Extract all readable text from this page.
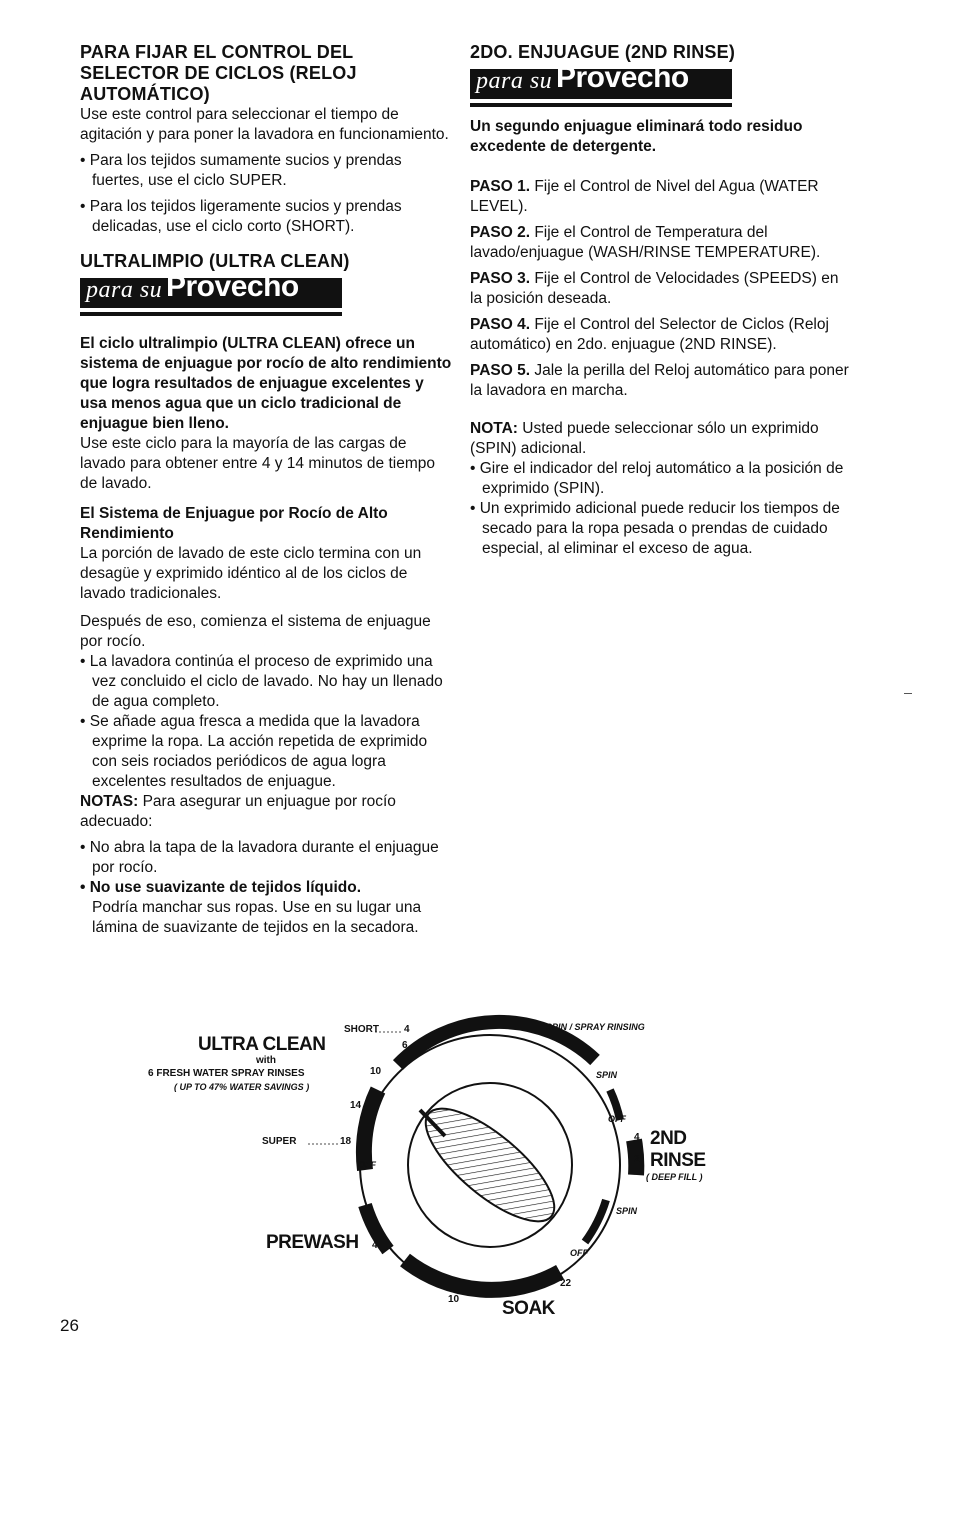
PARA FIJAR EL CONTROL DEL SELECTOR DE CICLOS (RELOJ AUTOMÁTICO)

Use este control para seleccionar el tiempo de agitación y para poner la lavadora en funcionamiento.

• Para los tejidos sumamente sucios y prendas fuertes, use el ciclo SUPER.

• Para los tejidos ligeramente sucios y prendas delicadas, use el ciclo corto (SHORT).

ULTRALIMPIO (ULTRA CLEAN)
para su Provecho

El ciclo ultralimpio (ULTRA CLEAN) ofrece un sistema de enjuague por rocío de alto rendimiento que logra resultados de enjuague excelentes y usa menos agua que un ciclo tradicional de enjuague bien lleno.

Use este ciclo para la mayoría de las cargas de lavado para obtener entre 4 y 14 minutos de tiempo de lavado.

El Sistema de Enjuague por Rocío de Alto Rendimiento

La porción de lavado de este ciclo termina con un desagüe y exprimido idéntico al de los ciclos de lavado tradicionales.

Después de eso, comienza el sistema de enjuague por rocío.

• La lavadora continúa el proceso de exprimido una vez concluido el ciclo de lavado. No hay un llenado de agua completo.

• Se añade agua fresca a medida que la lavadora exprime la ropa. La acción repetida de exprimido con seis rociados periódicos de agua logra excelentes resultados de enjuague.

NOTAS: Para asegurar un enjuague por rocío adecuado:

• No abra la tapa de la lavadora durante el enjuague por rocío.

• No use suavizante de tejidos líquido.

Podría manchar sus ropas. Use en su lugar una lámina de suavizante de tejidos en la secadora.

2DO. ENJUAGUE (2ND RINSE)
para su Provecho

Un segundo enjuague eliminará todo residuo excedente de detergente.

PASO 1. Fije el Control de Nivel del Agua (WATER LEVEL).

PASO 2. Fije el Control de Temperatura del lavado/enjuague (WASH/RINSE TEMPERATURE).

PASO 3. Fije el Control de Velocidades (SPEEDS) en la posición deseada.

PASO 4. Fije el Control del Selector de Ciclos (Reloj automático) en 2do. enjuague (2ND RINSE).

PASO 5. Jale la perilla del Reloj automático para poner la lavadora en marcha.

NOTA: Usted puede seleccionar sólo un exprimido (SPIN) adicional.

• Gire el indicador del reloj automático a la posición de exprimido (SPIN).

• Un exprimido adicional puede reducir los tiempos de secado para la ropa pesada o prendas de cuidado especial, al eliminar el exceso de agua.

ULTRA CLEAN
with
6 FRESH WATER SPRAY RINSES
( UP TO 47% WATER SAVINGS )
SHORT	4
6
10
14
SUPER	18
OFF
PREWASH 4
SPIN / SPRAY RINSING
SPIN
OFF
4
2
2ND
RINSE
( DEEP FILL )
SPIN
OFF
22
10 SOAK
26
